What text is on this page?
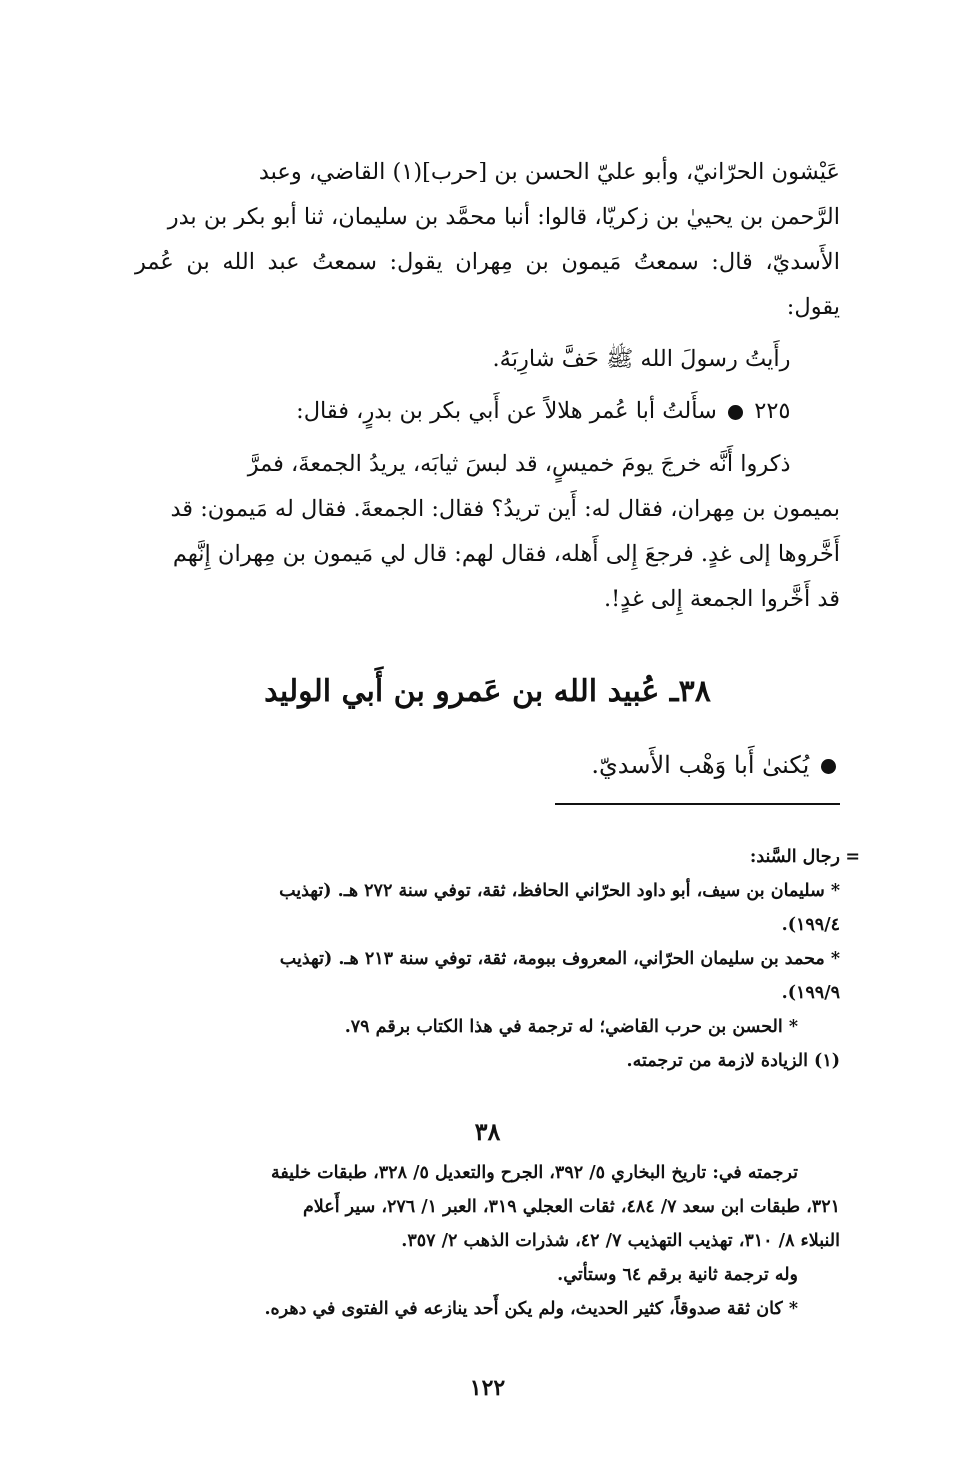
عَيْشون الحرّانيّ، وأبو عليّ الحسن بن [حرب](١) القاضي، وعبد
الرَّحمن بن يحييٰ بن زكريّا، قالوا: أنبا محمَّد بن سليمان، ثنا أبو بكر بن بدر
الأَسديّ، قال: سمعتُ مَيمون بن مِهران يقول: سمعتُ عبد الله بن عُمر يقول:
رأَيتُ رسولَ الله ﷺ حَفَّ شارِبَهُ.
٢٢٥  سأَلتُ أبا عُمر هلالاً عن أَبي بكر بن بدرٍ، فقال:
ذكروا أَنَّه خرجَ يومَ خميسٍ، قد لبسَ ثيابَه، يريدُ الجمعةَ، فمرَّ
بميمون بن مِهران، فقال له: أَين تريدُ؟ فقال: الجمعةَ. فقال له مَيمون: قد
أَخَّروها إلى غدٍ. فرجعَ إِلى أَهله، فقال لهم: قال لي مَيمون بن مِهران إِنَّهم
قد أَخَّروا الجمعة إِلى غدٍ!.
٣٨ـ عُبيد الله بن عَمرو بن أَبي الوليد
يُكنىٰ أَبا وَهْب الأَسديّ.
=
رجال السَّند:
* سليمان بن سيف، أبو داود الحرّاني الحافظ، ثقة، توفي سنة ٢٧٢ هـ. (تهذيب
١٩٩/٤).
* محمد بن سليمان الحرّاني، المعروف ببومة، ثقة، توفي سنة ٢١٣ هـ. (تهذيب
١٩٩/٩).
* الحسن بن حرب القاضي؛ له ترجمة في هذا الكتاب برقم ٧٩.
(١) الزيادة لازمة من ترجمته.
٣٨
ترجمته في: تاريخ البخاري ٥/ ٣٩٢، الجرح والتعديل ٥/ ٣٢٨، طبقات خليفة
٣٢١، طبقات ابن سعد ٧/ ٤٨٤، ثقات العجلي ٣١٩، العبر ١/ ٢٧٦، سير أَعلام
النبلاء ٨/ ٣١٠، تهذيب التهذيب ٧/ ٤٢، شذرات الذهب ٢/ ٣٥٧.
وله ترجمة ثانية برقم ٦٤ وستأتي.
* كان ثقة صدوقاً، كثير الحديث، ولم يكن أَحد ينازعه في الفتوى في دهره.
١٢٢
